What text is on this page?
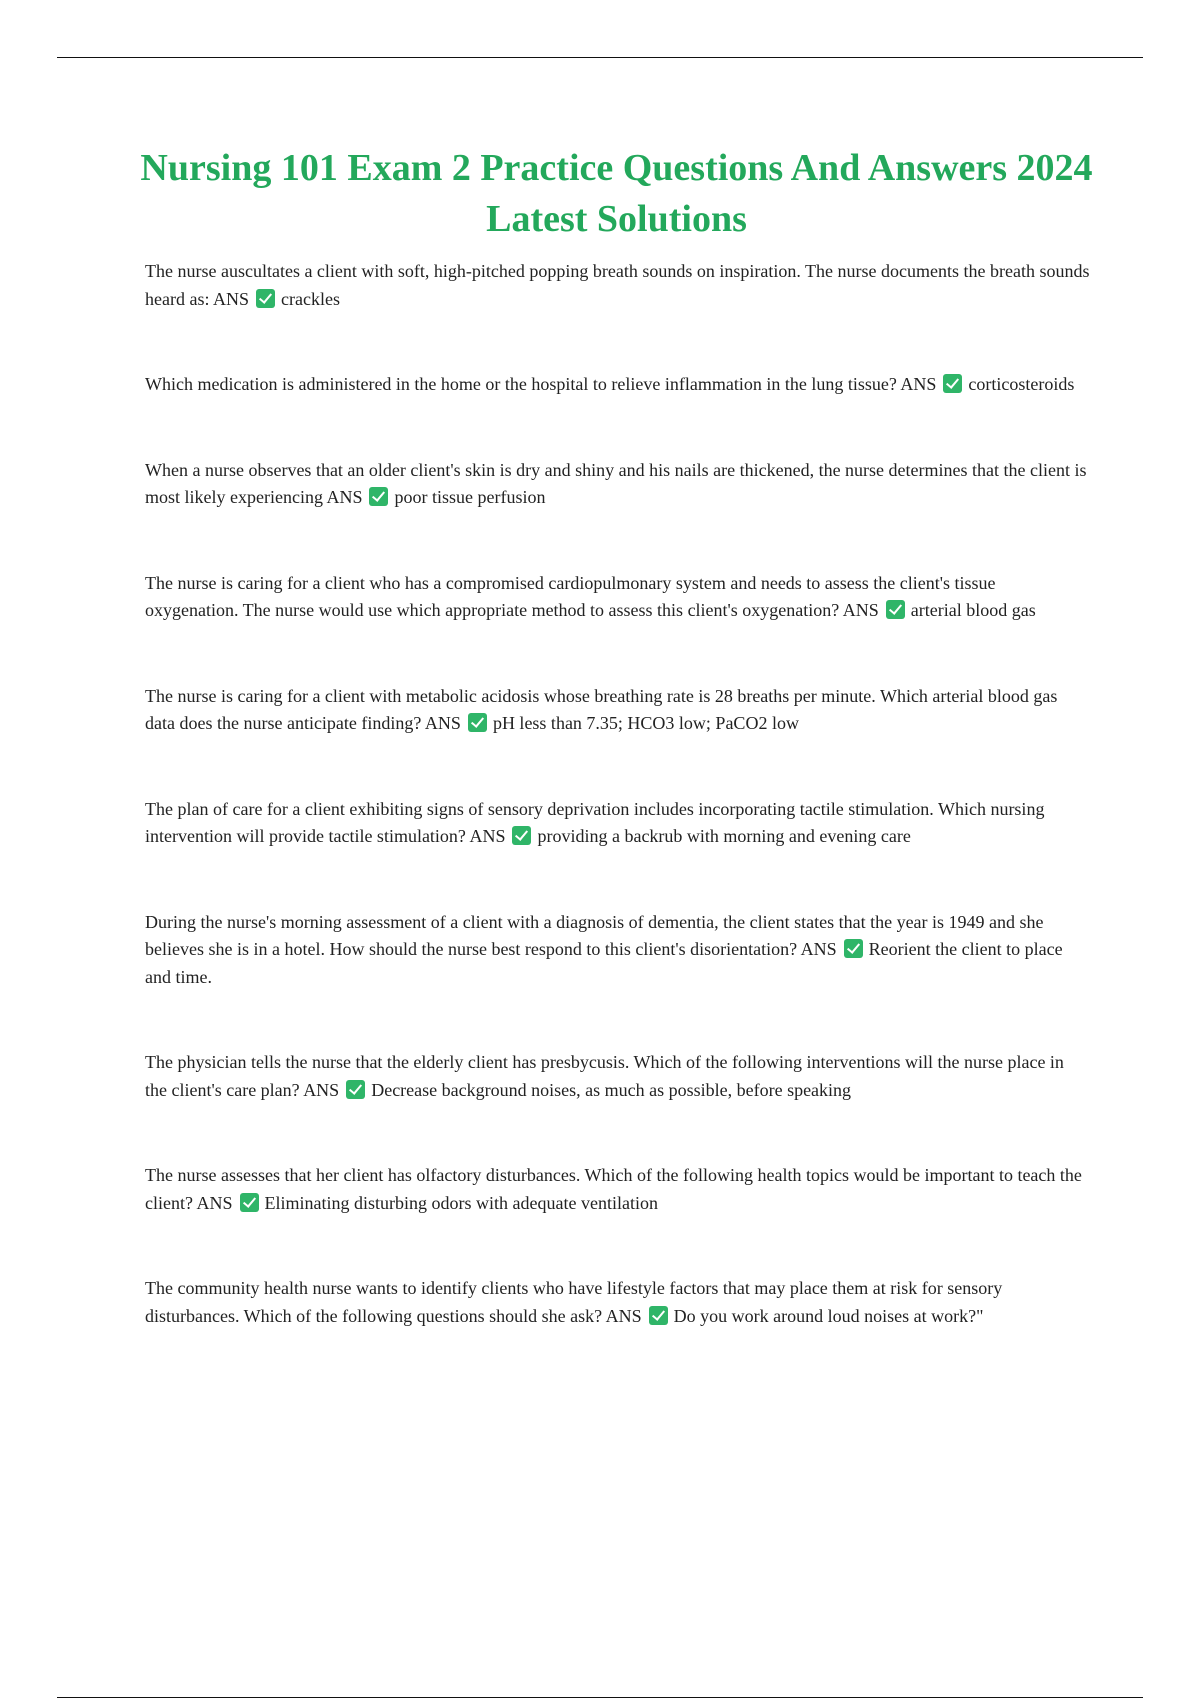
Nursing 101 Exam 2 Practice Questions And Answers 2024 Latest Solutions
The nurse auscultates a client with soft, high-pitched popping breath sounds on inspiration. The nurse documents the breath sounds heard as: ANS crackles
Which medication is administered in the home or the hospital to relieve inflammation in the lung tissue? ANS corticosteroids
When a nurse observes that an older client's skin is dry and shiny and his nails are thickened, the nurse determines that the client is most likely experiencing ANS poor tissue perfusion
The nurse is caring for a client who has a compromised cardiopulmonary system and needs to assess the client's tissue oxygenation. The nurse would use which appropriate method to assess this client's oxygenation? ANS arterial blood gas
The nurse is caring for a client with metabolic acidosis whose breathing rate is 28 breaths per minute. Which arterial blood gas data does the nurse anticipate finding? ANS pH less than 7.35; HCO3 low; PaCO2 low
The plan of care for a client exhibiting signs of sensory deprivation includes incorporating tactile stimulation. Which nursing intervention will provide tactile stimulation? ANS providing a backrub with morning and evening care
During the nurse's morning assessment of a client with a diagnosis of dementia, the client states that the year is 1949 and she believes she is in a hotel. How should the nurse best respond to this client's disorientation? ANS Reorient the client to place and time.
The physician tells the nurse that the elderly client has presbycusis. Which of the following interventions will the nurse place in the client's care plan? ANS Decrease background noises, as much as possible, before speaking
The nurse assesses that her client has olfactory disturbances. Which of the following health topics would be important to teach the client? ANS Eliminating disturbing odors with adequate ventilation
The community health nurse wants to identify clients who have lifestyle factors that may place them at risk for sensory disturbances. Which of the following questions should she ask? ANS Do you work around loud noises at work?"
